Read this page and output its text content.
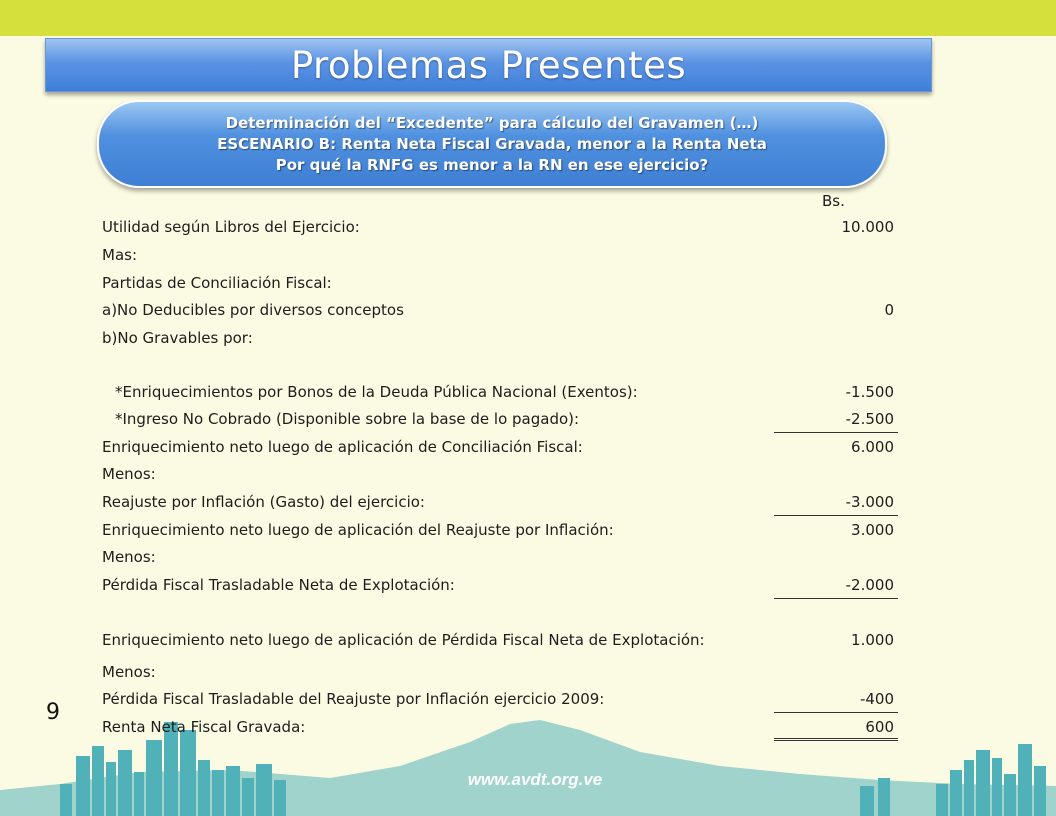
Problemas Presentes
Determinación del “Excedente” para cálculo del Gravamen (…)
ESCENARIO B: Renta Neta Fiscal Gravada, menor a la Renta Neta
Por qué la RNFG es menor a la RN en ese ejercicio?
Bs.
Utilidad según Libros del Ejercicio:	10.000
Mas:
Partidas de Conciliación Fiscal:
a)No Deducibles por diversos conceptos	0
b)No Gravables por:
*Enriquecimientos por Bonos de la Deuda Pública Nacional (Exentos):	-1.500
*Ingreso No Cobrado (Disponible sobre la base de lo pagado):	-2.500
Enriquecimiento neto luego de aplicación de Conciliación Fiscal:	6.000
Menos:
Reajuste por Inflación (Gasto) del ejercicio:	-3.000
Enriquecimiento neto luego de aplicación del Reajuste por Inflación:	3.000
Menos:
Pérdida Fiscal Trasladable Neta de Explotación:	-2.000
Enriquecimiento neto luego de aplicación de Pérdida Fiscal Neta de Explotación:	1.000
Menos:
Pérdida Fiscal Trasladable del Reajuste por Inflación ejercicio 2009:	-400
Renta Neta Fiscal Gravada:	600
9
www.avdt.org.ve
